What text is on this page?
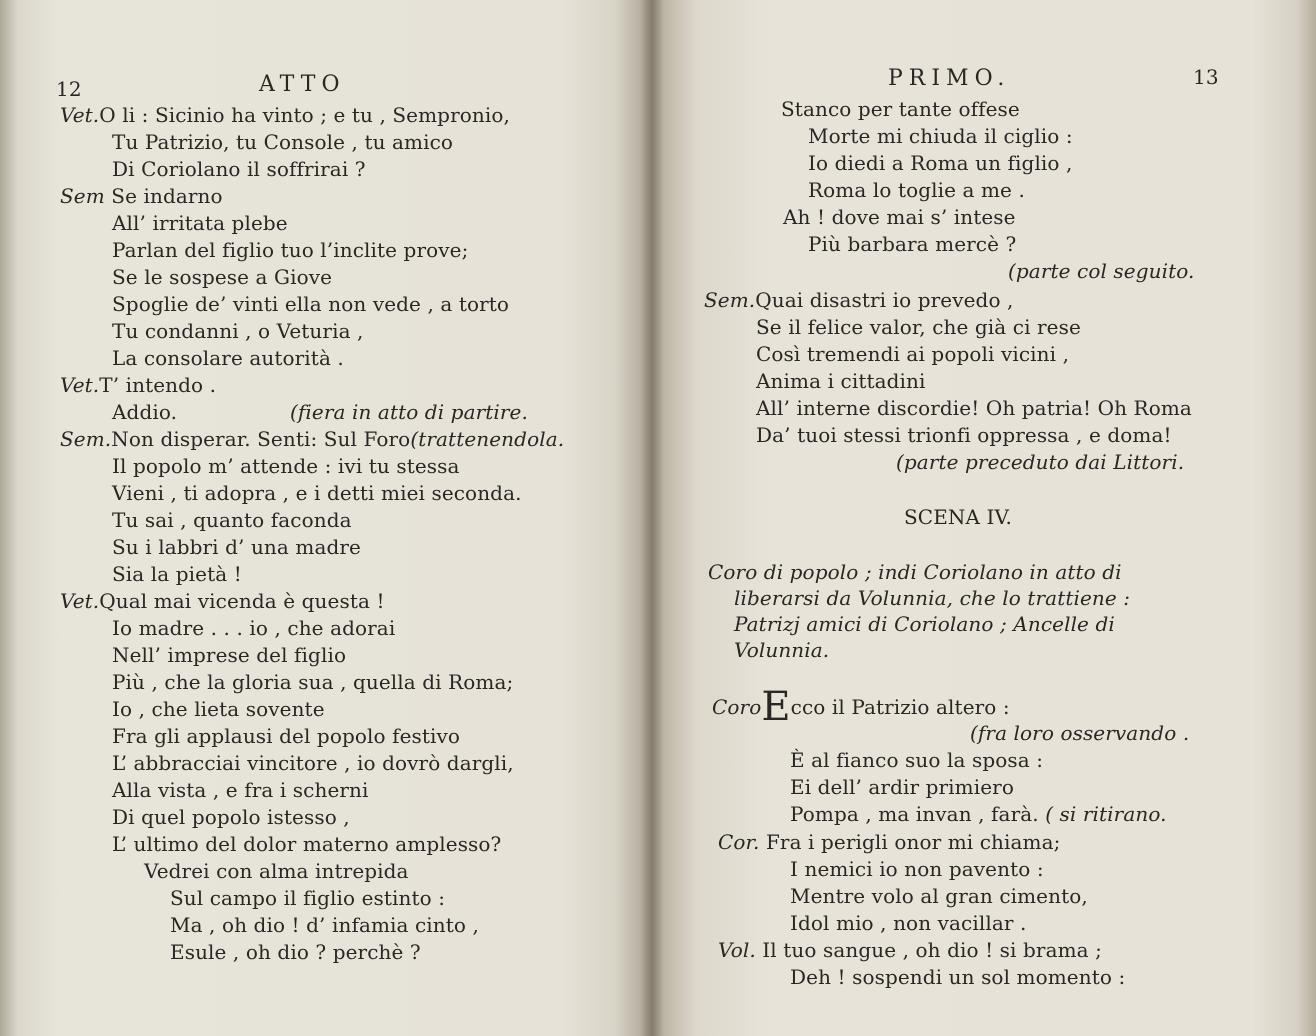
12	ATTO
Vet.O li : Sicinio ha vinto ; e tu , Sempronio,
Tu Patrizio, tu Console , tu amico
Di Coriolano il soffrirai ?
Sem Se indarno
All’ irritata plebe
Parlan del figlio tuo l’inclite prove;
Se le sospese a Giove
Spoglie de’ vinti ella non vede , a torto
Tu condanni , o Veturia ,
La consolare autorità .
Vet.T’ intendo .
Addio.	(fiera in atto di partire.
Sem.Non disperar. Senti: Sul Foro(trattenendola.
Il popolo m’ attende : ivi tu stessa
Vieni , ti adopra , e i detti miei seconda.
Tu sai , quanto faconda
Su i labbri d’ una madre
Sia la pietà !
Vet.Qual mai vicenda è questa !
Io madre . . . io , che adorai
Nell’ imprese del figlio
Più , che la gloria sua , quella di Roma;
Io , che lieta sovente
Fra gli applausi del popolo festivo
L’ abbracciai vincitore , io dovrò dargli,
Alla vista , e fra i scherni
Di quel popolo istesso ,
L’ ultimo del dolor materno amplesso?
Vedrei con alma intrepida
Sul campo il figlio estinto :
Ma , oh dio ! d’ infamia cinto ,
Esule , oh dio ? perchè ?
PRIMO.	13
Stanco per tante offese
Morte mi chiuda il ciglio :
Io diedi a Roma un figlio ,
Roma lo toglie a me .
Ah ! dove mai s’ intese
Più barbara mercè ?
(parte col seguito.
Sem.Quai disastri io prevedo ,
Se il felice valor, che già ci rese
Così tremendi ai popoli vicini ,
Anima i cittadini
All’ interne discordie! Oh patria! Oh Roma
Da’ tuoi stessi trionfi oppressa , e doma!
(parte preceduto dai Littori.
SCENA IV.
Coro di popolo ; indi Coriolano in atto di
liberarsi da Volunnia, che lo trattiene :
Patrizj amici di Coriolano ; Ancelle di
Volunnia.
CoroEcco il Patrizio altero :
(fra loro osservando .
È al fianco suo la sposa :
Ei dell’ ardir primiero
Pompa , ma invan , farà. ( si ritirano.
Cor. Fra i perigli onor mi chiama;
I nemici io non pavento :
Mentre volo al gran cimento,
Idol mio , non vacillar .
Vol. Il tuo sangue , oh dio ! si brama ;
Deh ! sospendi un sol momento :
